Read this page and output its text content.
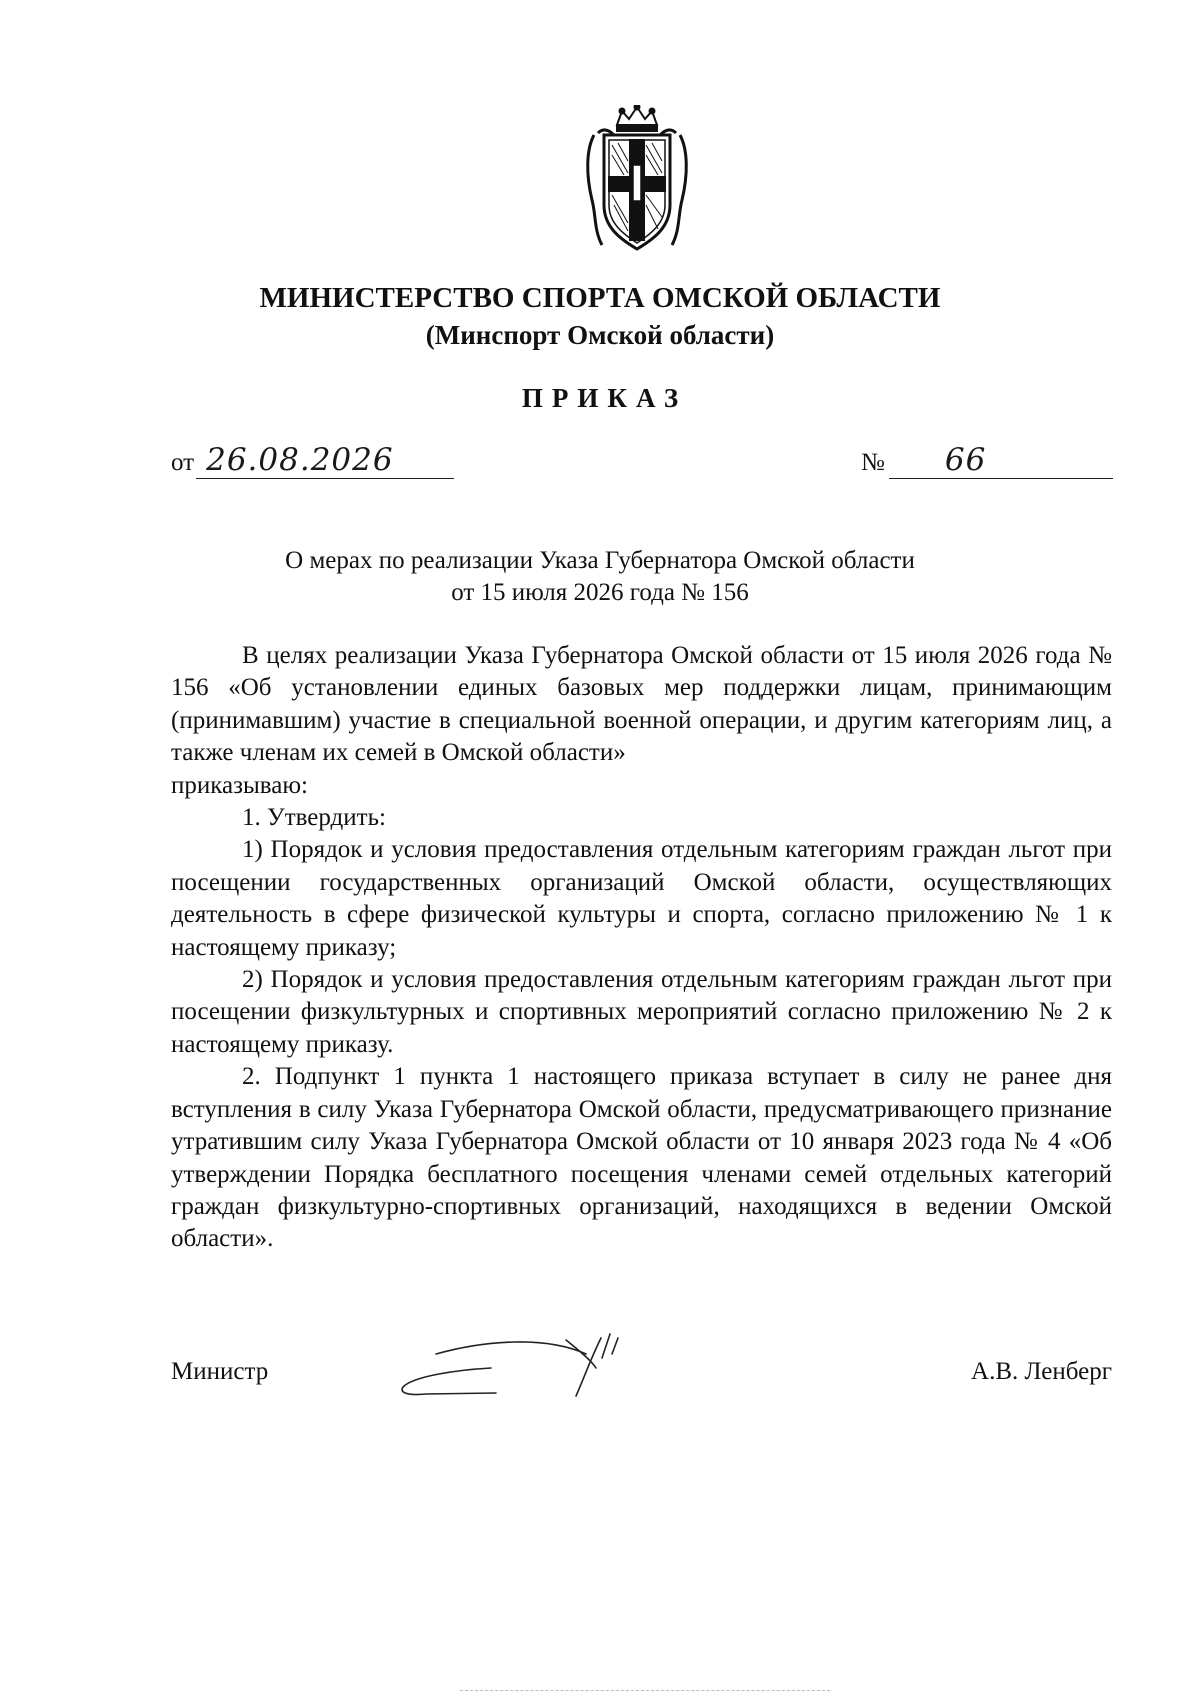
МИНИСТЕРСТВО СПОРТА ОМСКОЙ ОБЛАСТИ
(Минспорт Омской области)
ПРИКАЗ
от 26.08.2026	№ 66
О мерах по реализации Указа Губернатора Омской области
от 15 июля 2026 года № 156

В целях реализации Указа Губернатора Омской области от 15 июля 2026 года № 156 «Об установлении единых базовых мер поддержки лицам, принимающим (принимавшим) участие в специальной военной операции, и другим категориям лиц, а также членам их семей в Омской области»

приказываю:

1. Утвердить:

1) Порядок и условия предоставления отдельным категориям граждан льгот при посещении государственных организаций Омской области, осуществляющих деятельность в сфере физической культуры и спорта, согласно приложению № 1 к настоящему приказу;

2) Порядок и условия предоставления отдельным категориям граждан льгот при посещении физкультурных и спортивных мероприятий согласно приложению № 2 к настоящему приказу.

2. Подпункт 1 пункта 1 настоящего приказа вступает в силу не ранее дня вступления в силу Указа Губернатора Омской области, предусматривающего признание утратившим силу Указа Губернатора Омской области от 10 января 2023 года № 4 «Об утверждении Порядка бесплатного посещения членами семей отдельных категорий граждан физкультурно-спортивных организаций, находящихся в ведении Омской области».

Министр	А.В. Ленберг
